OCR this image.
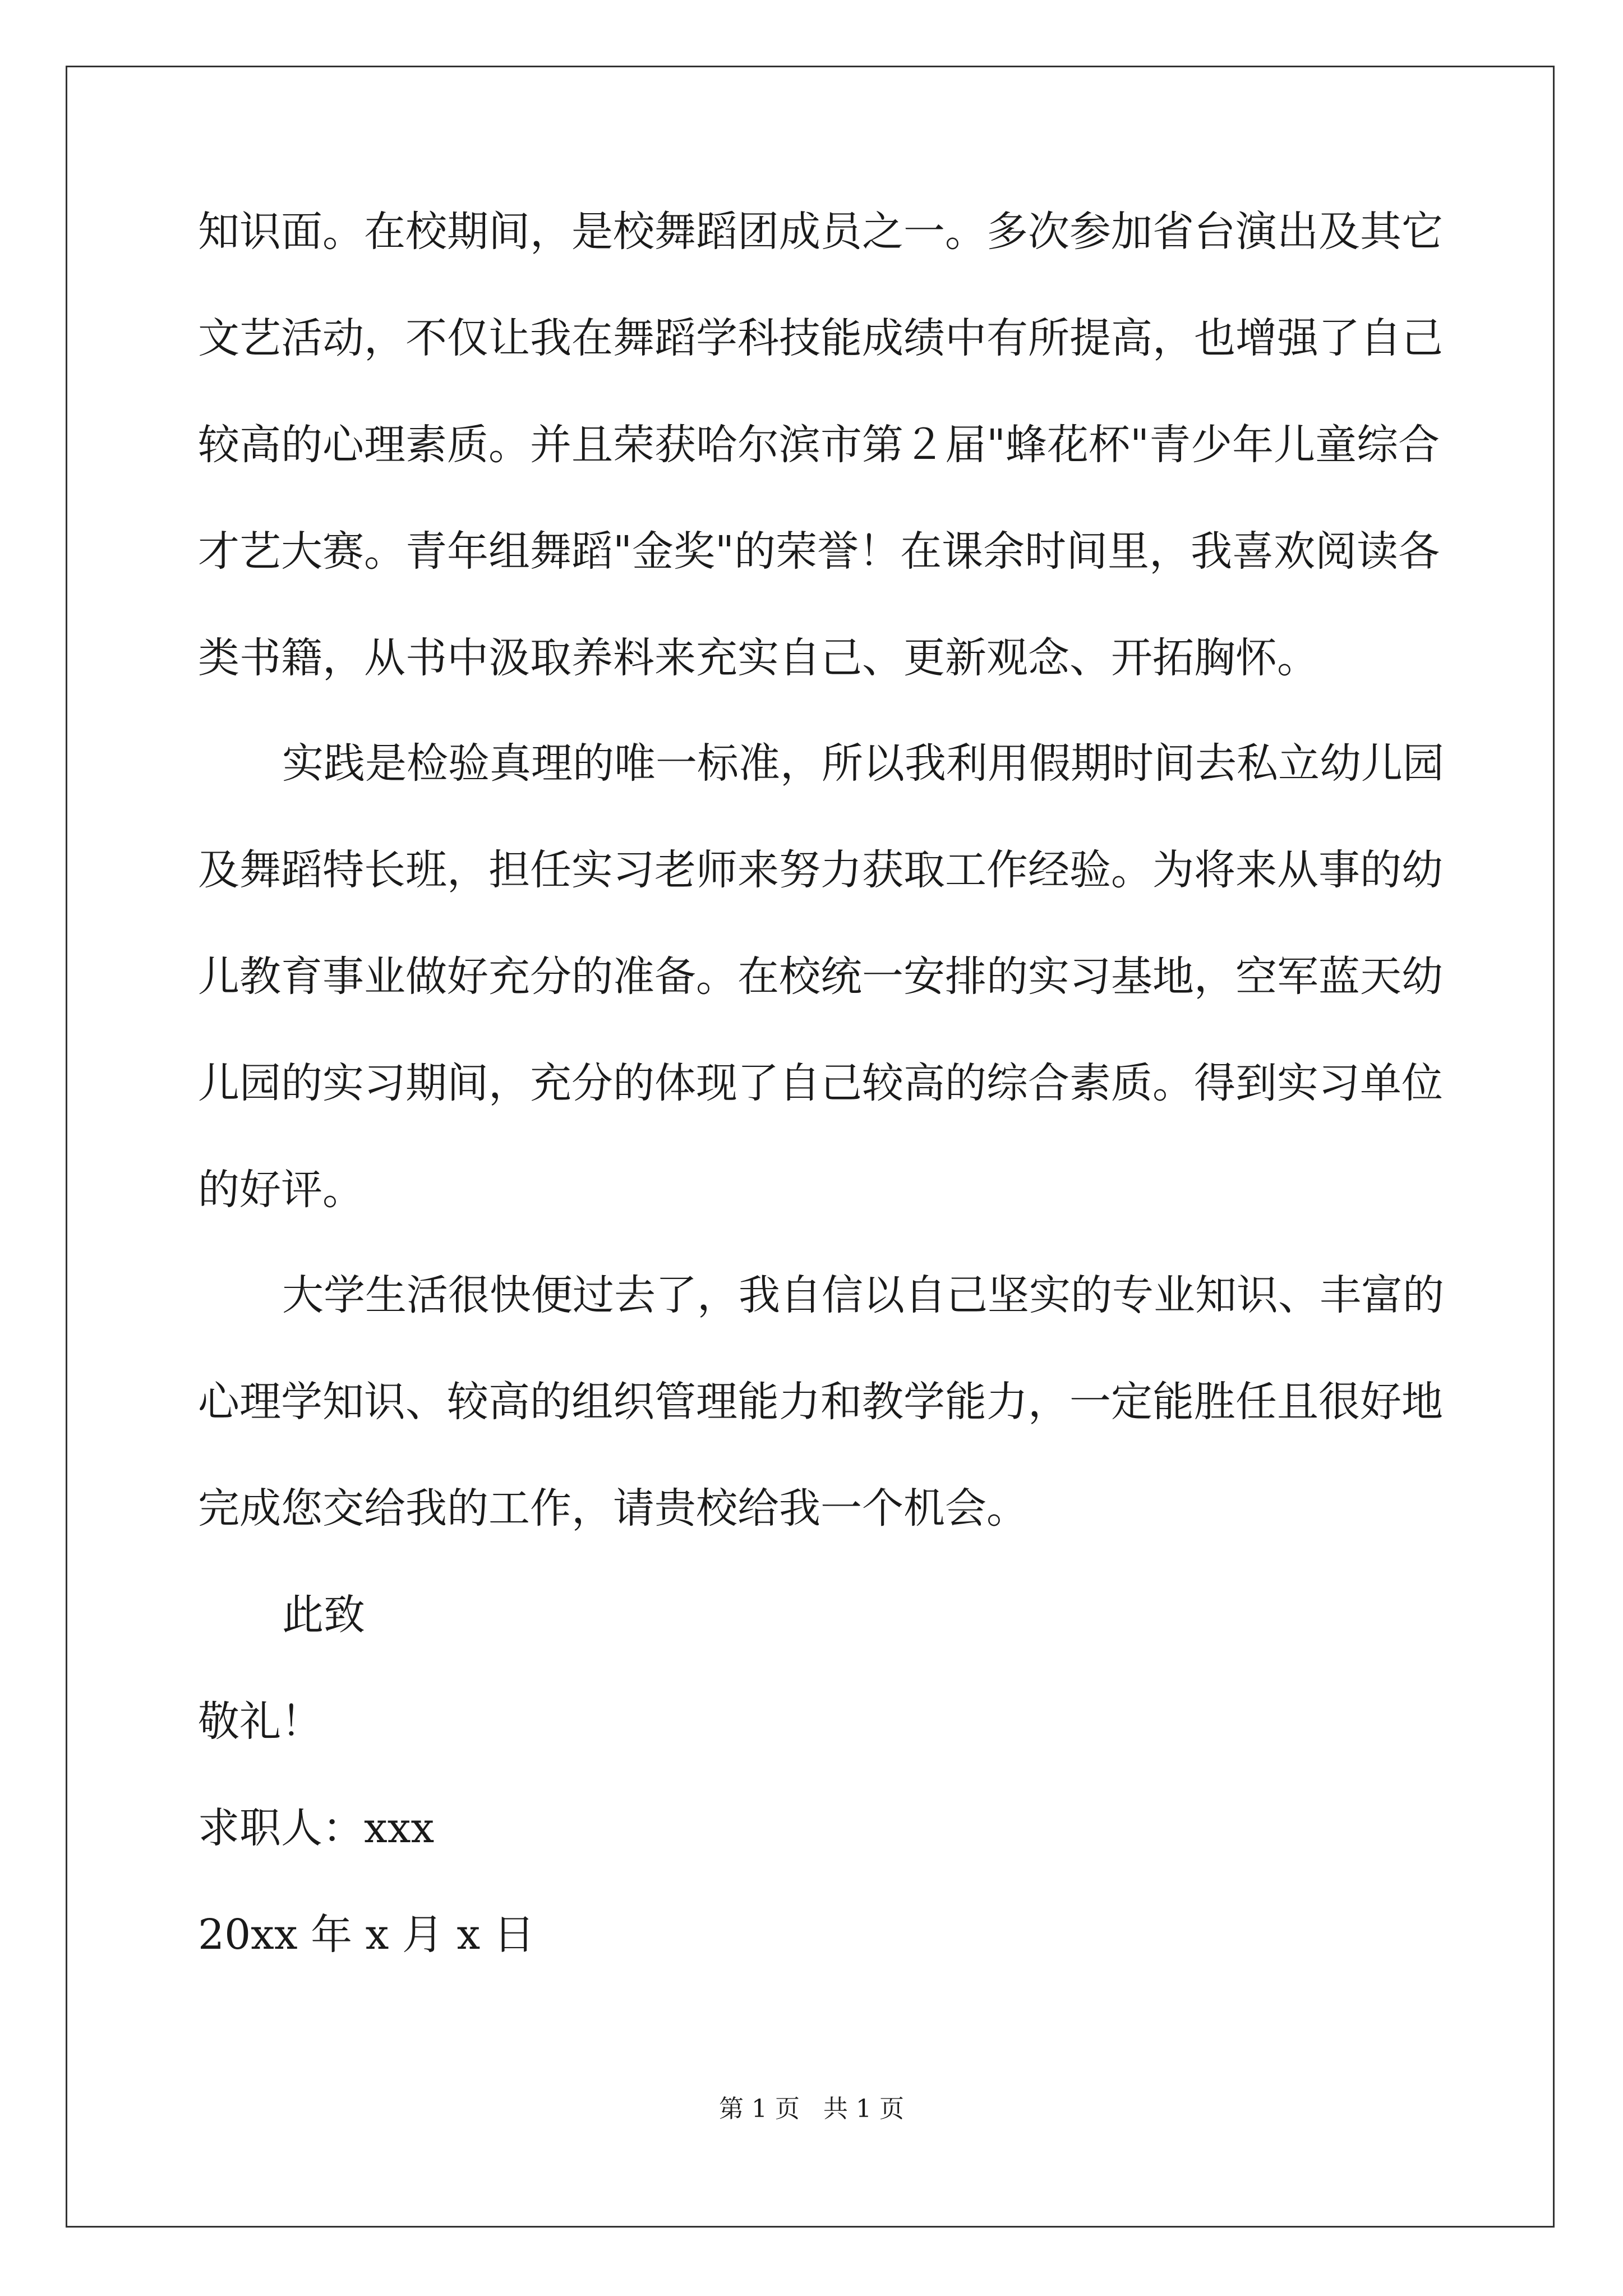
知识面。在校期间，是校舞蹈团成员之一。多次参加省台演出及其它
文艺活动，不仅让我在舞蹈学科技能成绩中有所提高，也增强了自己
较高的心理素质。并且荣获哈尔滨市第２届"蜂花杯"青少年儿童综合
才艺大赛。青年组舞蹈"金奖"的荣誉！在课余时间里，我喜欢阅读各
类书籍，从书中汲取养料来充实自己、更新观念、开拓胸怀。
实践是检验真理的唯一标准，所以我利用假期时间去私立幼儿园
及舞蹈特长班，担任实习老师来努力获取工作经验。为将来从事的幼
儿教育事业做好充分的准备。在校统一安排的实习基地，空军蓝天幼
儿园的实习期间，充分的体现了自己较高的综合素质。得到实习单位
的好评。
大学生活很快便过去了，我自信以自己坚实的专业知识、丰富的
心理学知识、较高的组织管理能力和教学能力，一定能胜任且很好地
完成您交给我的工作，请贵校给我一个机会。
此致
敬礼！
求职人：xxx
20xx 年 x 月 x 日
第 1 页   共 1 页
